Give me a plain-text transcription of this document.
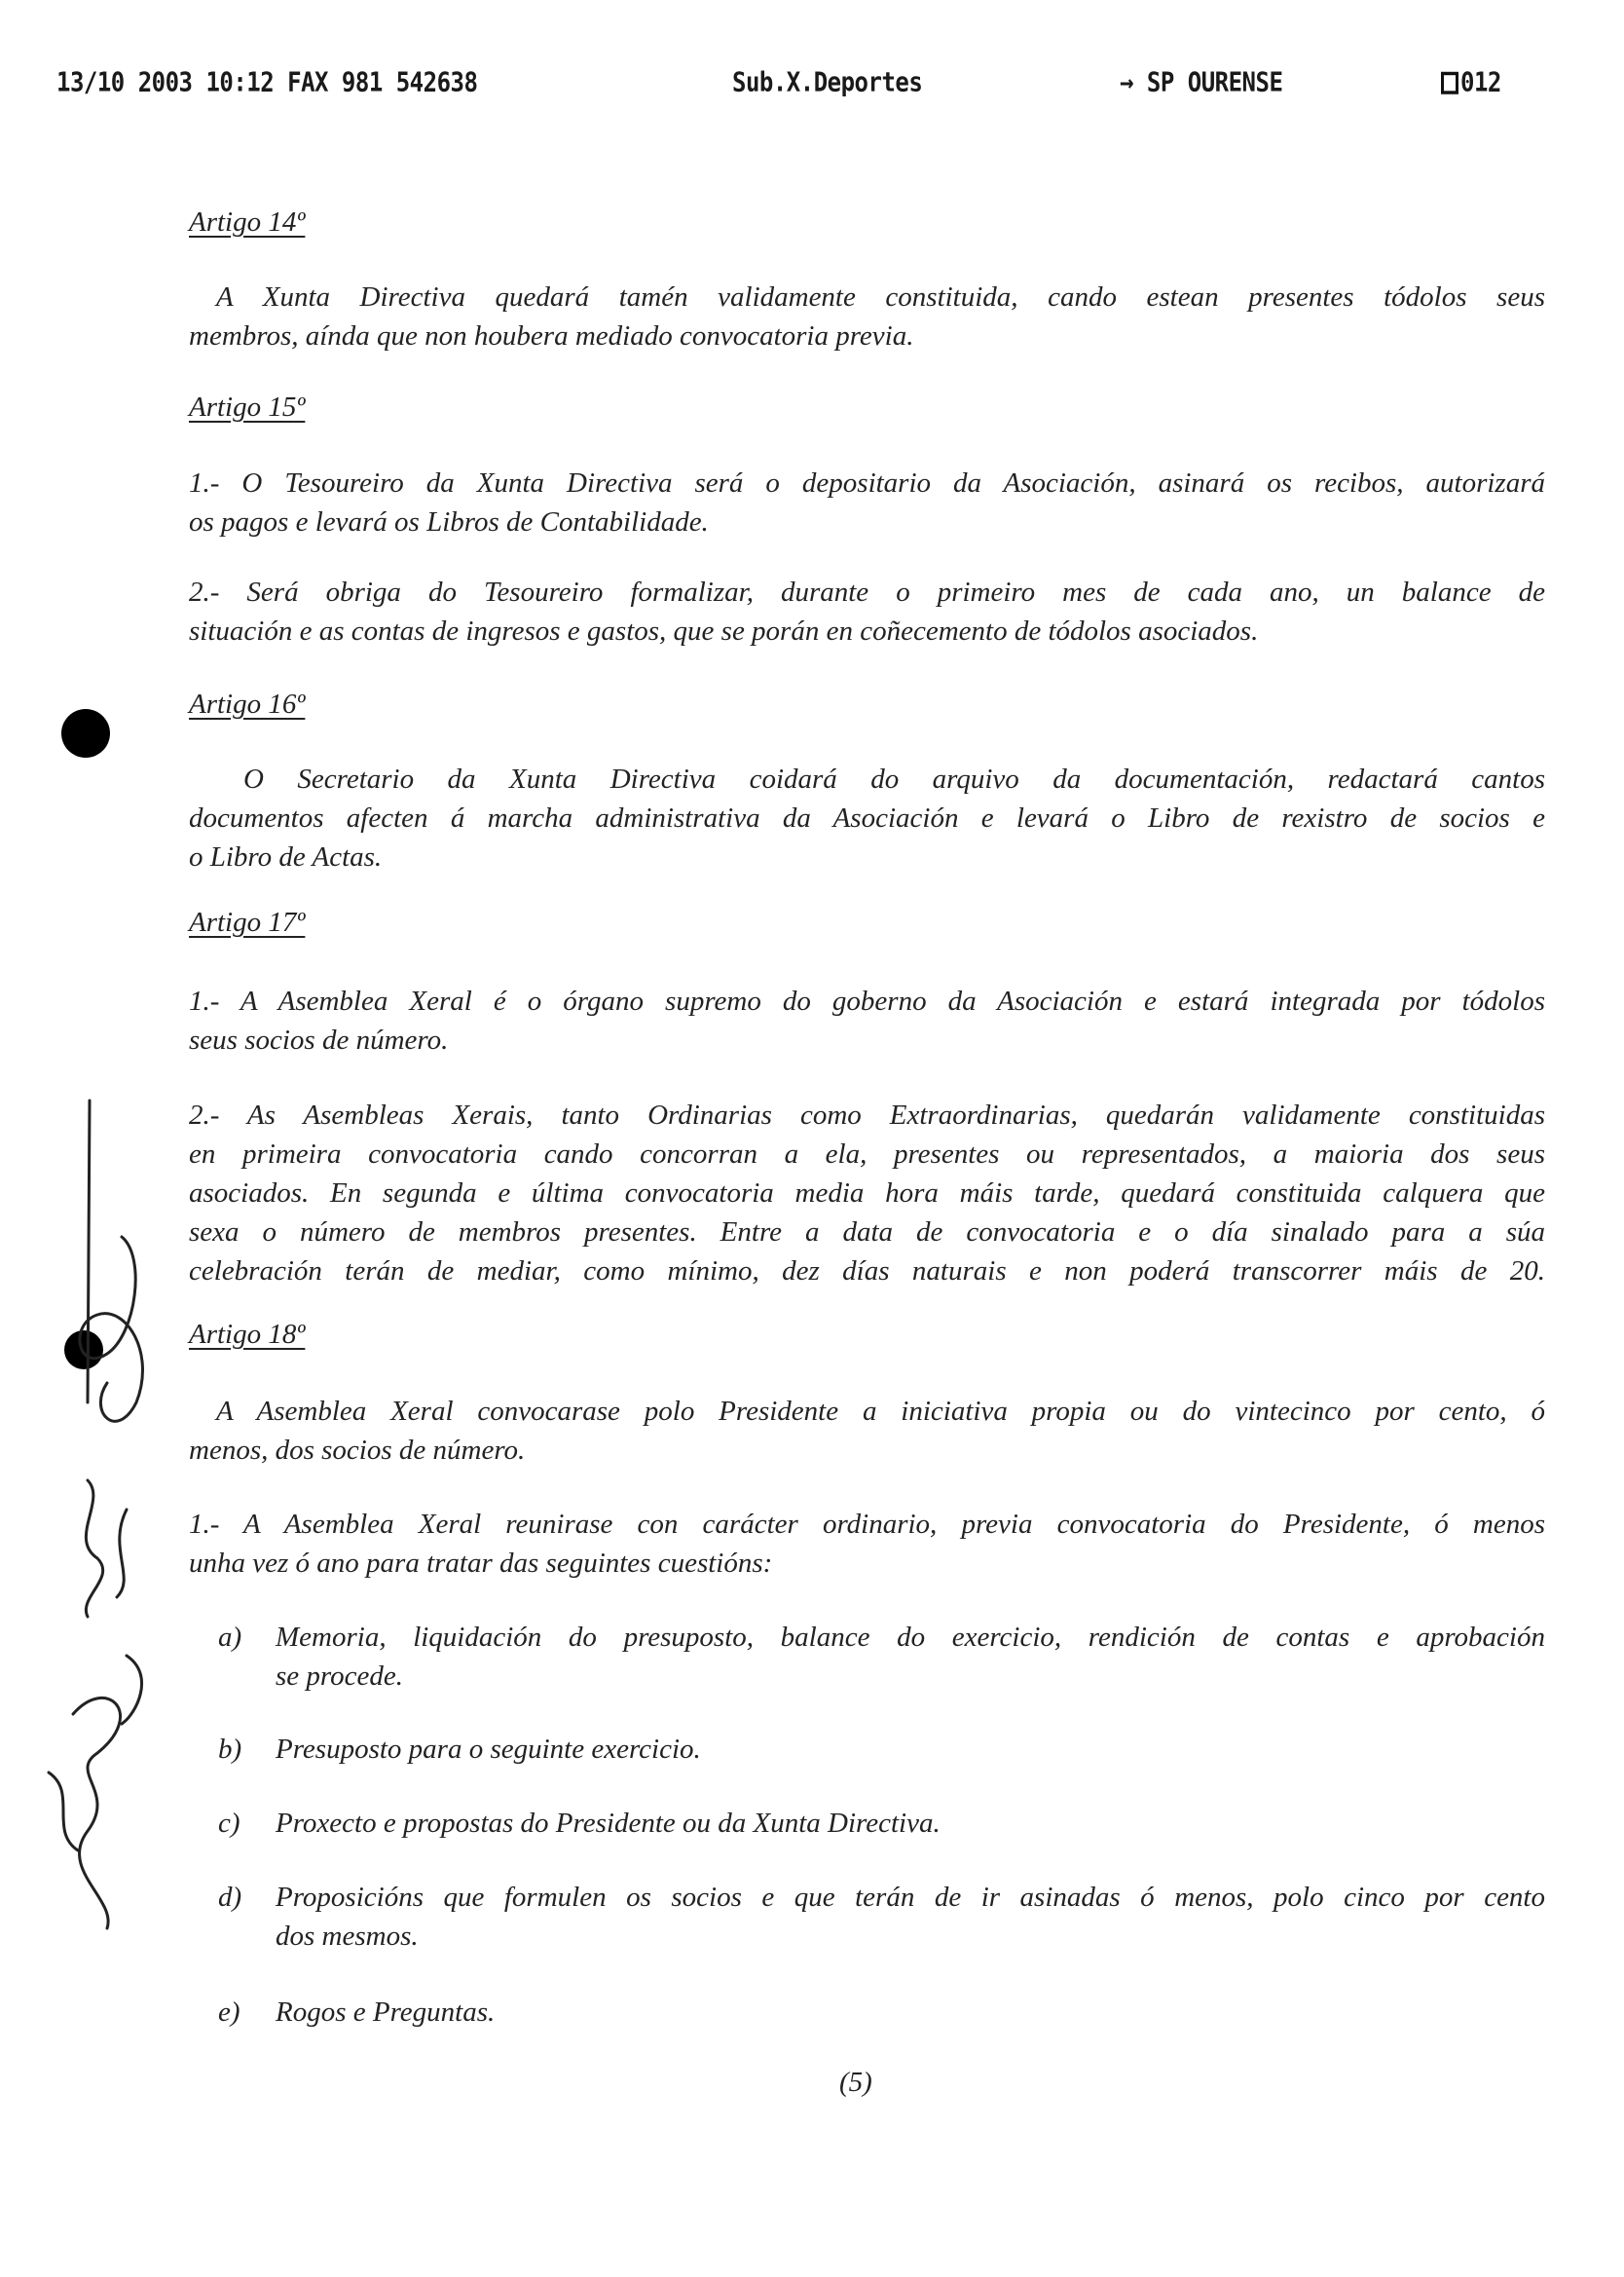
13/10 2003 10:12 FAX 981 542638	Sub.X.Deportes	→ SP OURENSE	012
Artigo 14º
A Xunta Directiva quedará tamén validamente constituida, cando estean presentes tódolos seus
membros, aínda que non houbera mediado convocatoria previa.
Artigo 15º
1.- O Tesoureiro da Xunta Directiva será o depositario da Asociación, asinará os recibos, autorizará
os pagos e levará os Libros de Contabilidade.
2.- Será obriga do Tesoureiro formalizar, durante o primeiro mes de cada ano, un balance de
situación e as contas de ingresos e gastos, que se porán en coñecemento de tódolos asociados.
Artigo 16º
O Secretario da Xunta Directiva coidará do arquivo da documentación, redactará cantos
documentos afecten á marcha administrativa da Asociación e levará o Libro de rexistro de socios e
o Libro de Actas.
Artigo 17º
1.- A Asemblea Xeral é o órgano supremo do goberno da Asociación e estará integrada por tódolos
seus socios de número.
2.- As Asembleas Xerais, tanto Ordinarias como Extraordinarias, quedarán validamente constituidas
en primeira convocatoria cando concorran a ela, presentes ou representados, a maioria dos seus
asociados. En segunda e última convocatoria media hora máis tarde, quedará constituida calquera que
sexa o número de membros presentes. Entre a data de convocatoria e o día sinalado para a súa
celebración terán de mediar, como mínimo, dez días naturais e non poderá transcorrer máis de 20.
Artigo 18º
A Asemblea Xeral convocarase polo Presidente a iniciativa propia ou do vintecinco por cento, ó
menos, dos socios de número.
1.- A Asemblea Xeral reunirase con carácter ordinario, previa convocatoria do Presidente, ó menos
unha vez ó ano para tratar das seguintes cuestións:
a) Memoria, liquidación do presuposto, balance do exercicio, rendición de contas e aprobación
se procede.
b) Presuposto para o seguinte exercicio.
c) Proxecto e propostas do Presidente ou da Xunta Directiva.
d) Proposicións que formulen os socios e que terán de ir asinadas ó menos, polo cinco por cento
dos mesmos.
e) Rogos e Preguntas.
(5)
